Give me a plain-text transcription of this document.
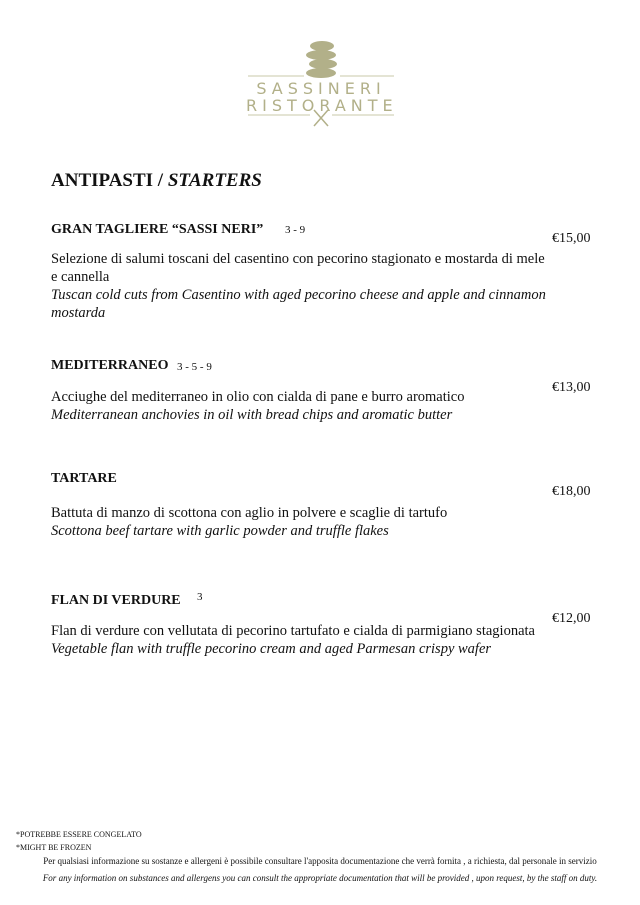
SASSINERI
RISTORANTE
ANTIPASTI / STARTERS
GRAN TAGLIERE “SASSI NERI” 3 - 9
€15,00
Selezione di salumi toscani del casentino con pecorino stagionato e mostarda di mele e cannella
Tuscan cold cuts from Casentino with aged pecorino cheese and apple and cinnamon mostarda
MEDITERRANEO 3 - 5 - 9
€13,00
Acciughe del mediterraneo in olio con cialda di pane e burro aromatico
Mediterranean anchovies in oil with bread chips and aromatic butter
TARTARE
€18,00
Battuta di manzo di scottona con aglio in polvere e scaglie di tartufo
Scottona beef tartare with garlic powder and truffle flakes
FLAN DI VERDURE 3
€12,00
Flan di verdure con vellutata di pecorino tartufato e cialda di parmigiano stagionata
Vegetable flan with truffle pecorino cream and aged Parmesan crispy wafer
*POTREBBE ESSERE CONGELATO
*MIGHT BE FROZEN
Per qualsiasi informazione su sostanze e allergeni è possibile consultare l'apposita documentazione che verrà fornita , a richiesta, dal personale in servizio
For any information on substances and allergens you can consult the appropriate documentation that will be provided , upon request, by the staff on duty.
